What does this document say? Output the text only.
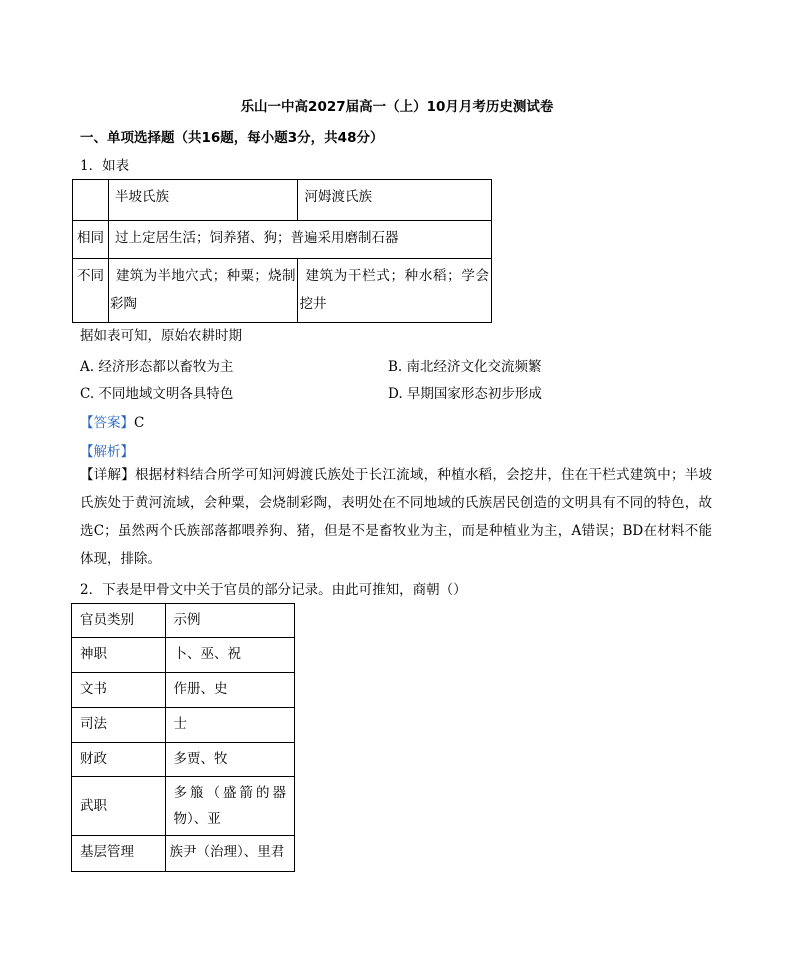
乐山一中高2027届高一（上）10月月考历史测试卷
一、单项选择题（共16题，每小题3分，共48分）
1．如表
	半坡氏族	河姆渡氏族
相同	过上定居生活；饲养猪、狗；普遍采用磨制石器	
不同	建筑为半地穴式；种粟；烧制彩陶	建筑为干栏式；种水稻；学会挖井
据如表可知，原始农耕时期
A. 经济形态都以畜牧为主	B. 南北经济文化交流频繁
C. 不同地域文明各具特色	D. 早期国家形态初步形成
【答案】C
【解析】
【详解】根据材料结合所学可知河姆渡氏族处于长江流域，种植水稻，会挖井，住在干栏式建筑中；半坡氏族处于黄河流域，会种粟，会烧制彩陶，表明处在不同地域的氏族居民创造的文明具有不同的特色，故选C；虽然两个氏族部落都喂养狗、猪，但是不是畜牧业为主，而是种植业为主，A错误；BD在材料不能体现，排除。
2．下表是甲骨文中关于官员的部分记录。由此可推知，商朝（）
官员类别	示例
神职	卜、巫、祝
文书	作册、史
司法	士
财政	多贾、牧
武职	多箙（盛箭的器物）、亚
基层管理	族尹（治理）、里君
